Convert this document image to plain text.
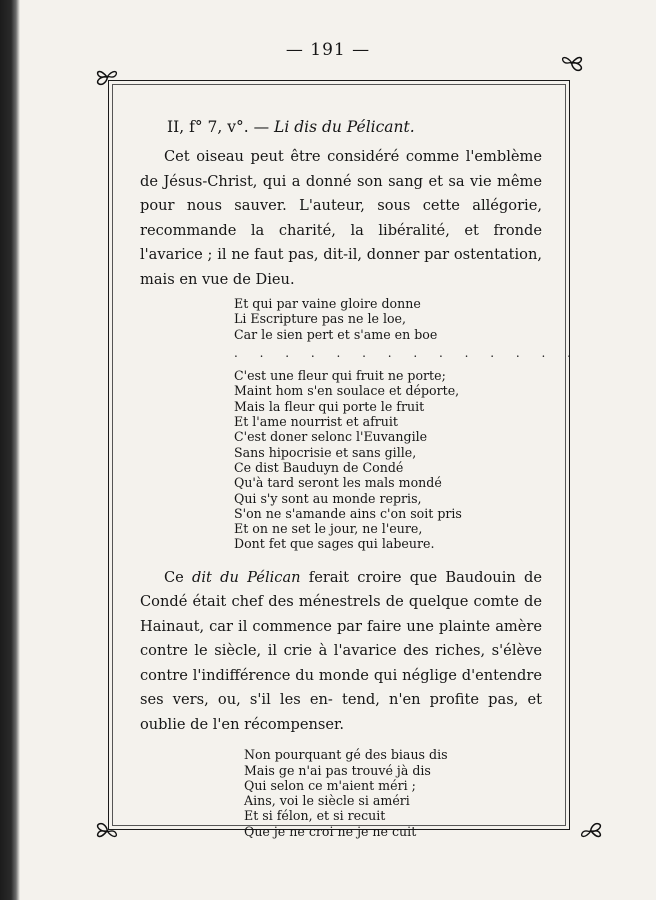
— 191 —
II, f° 7, v°. — Li dis du Pélicant.

Cet oiseau peut être considéré comme l'emblème de Jésus-Christ, qui a donné son sang et sa vie même pour nous sauver. L'auteur, sous cette allégorie, recommande la charité, la libéralité, et fronde l'avarice ; il ne faut pas, dit-il, donner par ostentation, mais en vue de Dieu.

Et qui par vaine gloire donne
Li Escripture pas ne le loe,
Car le sien pert et s'ame en boe
. . . . . . . . . . . . . .
C'est une fleur qui fruit ne porte;
Maint hom s'en soulace et déporte,
Mais la fleur qui porte le fruit
Et l'ame nourrist et afruit
C'est doner selonc l'Euvangile
Sans hipocrisie et sans gille,
Ce dist Bauduyn de Condé
Qu'à tard seront les mals mondé
Qui s'y sont au monde repris,
S'on ne s'amande ains c'on soit pris
Et on ne set le jour, ne l'eure,
Dont fet que sages qui labeure.

Ce dit du Pélican ferait croire que Baudouin de Condé était chef des ménestrels de quelque comte de Hainaut, car il commence par faire une plainte amère contre le siècle, il crie à l'avarice des riches, s'élève contre l'indifférence du monde qui néglige d'entendre ses vers, ou, s'il les en- tend, n'en profite pas, et oublie de l'en récompenser.

Non pourquant gé des biaus dis
Mais ge n'ai pas trouvé jà dis
Qui selon ce m'aient méri ;
Ains, voi le siècle si améri
Et si félon, et si recuit
Que je ne croi ne je ne cuit
